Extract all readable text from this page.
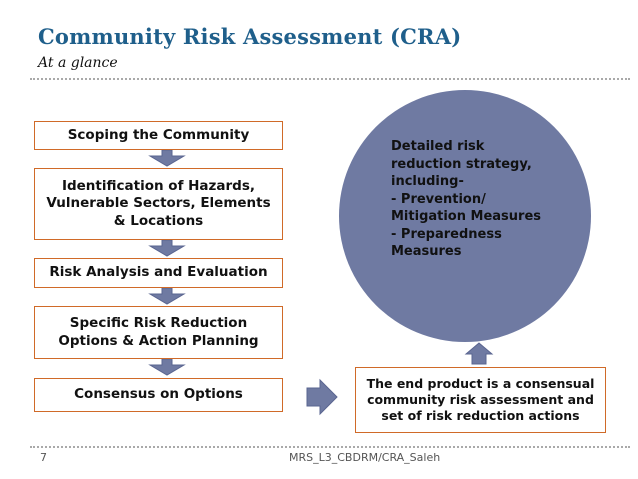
Community Risk Assessment (CRA)
At a glance
Scoping the Community
Identification of Hazards,
Vulnerable Sectors, Elements
& Locations
Risk Analysis and Evaluation
Specific Risk Reduction
Options & Action Planning
Consensus on Options
Detailed risk
reduction strategy,
including-
- Prevention/
Mitigation Measures
- Preparedness
Measures
The end product is a consensual
community risk assessment and
set of risk reduction actions
7	MRS_L3_CBDRM/CRA_Saleh
